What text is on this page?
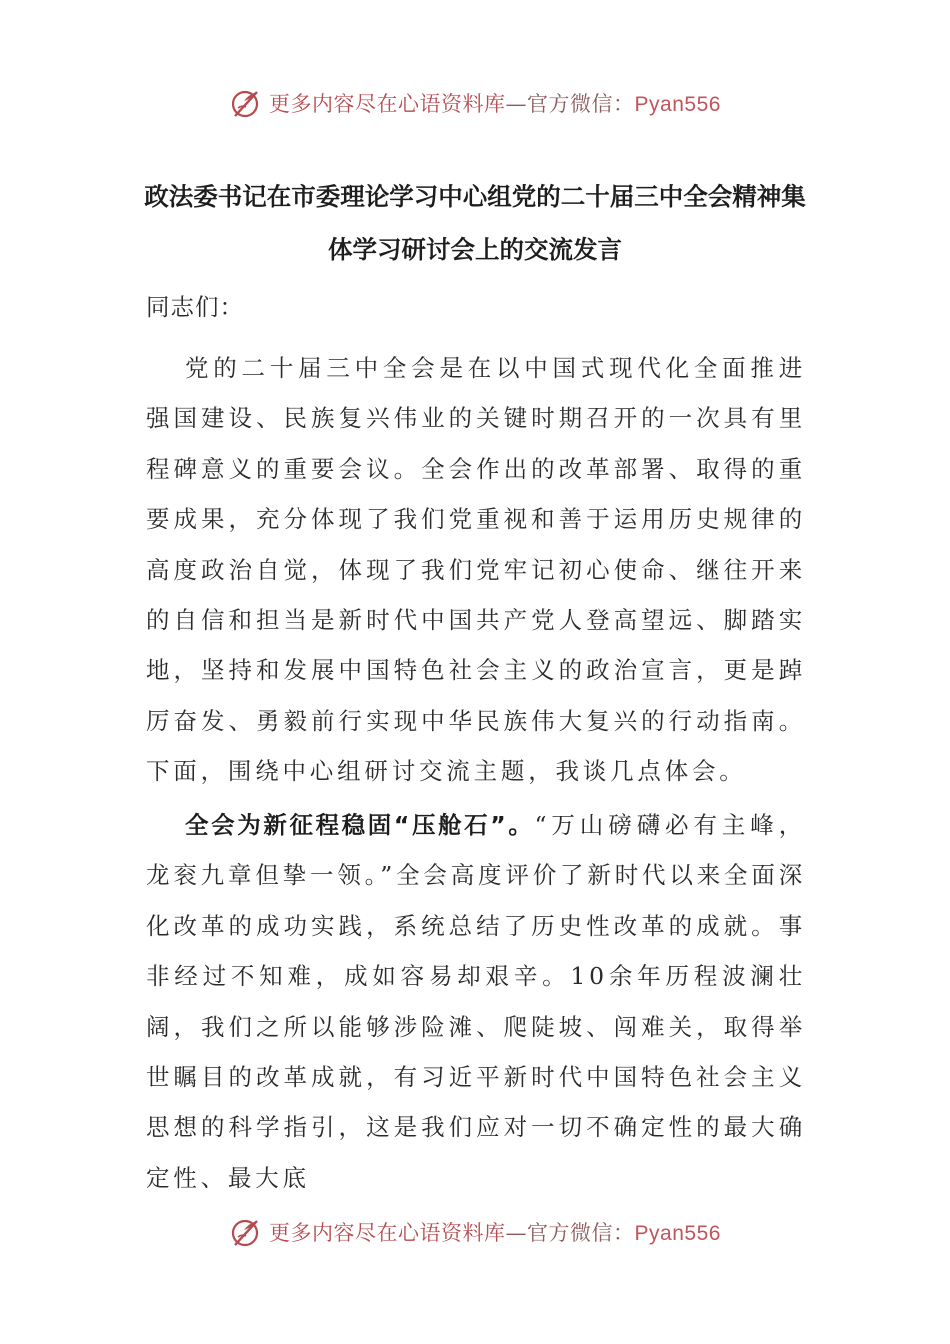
更多内容尽在心语资料库—官方微信：Pyan556
政法委书记在市委理论学习中心组党的二十届三中全会精神集体学习研讨会上的交流发言
同志们：

党的二十届三中全会是在以中国式现代化全面推进强国建设、民族复兴伟业的关键时期召开的一次具有里程碑意义的重要会议。全会作出的改革部署、取得的重要成果，充分体现了我们党重视和善于运用历史规律的高度政治自觉，体现了我们党牢记初心使命、继往开来的自信和担当是新时代中国共产党人登高望远、脚踏实地，坚持和发展中国特色社会主义的政治宣言，更是踔厉奋发、勇毅前行实现中华民族伟大复兴的行动指南。下面，围绕中心组研讨交流主题，我谈几点体会。

全会为新征程稳固“压舱石”。“万山磅礴必有主峰，龙衮九章但挚一领。”全会高度评价了新时代以来全面深化改革的成功实践，系统总结了历史性改革的成就。事非经过不知难，成如容易却艰辛。10余年历程波澜壮阔，我们之所以能够涉险滩、爬陡坡、闯难关，取得举世瞩目的改革成就，有习近平新时代中国特色社会主义思想的科学指引，这是我们应对一切不确定性的最大确定性、最大底

更多内容尽在心语资料库—官方微信：Pyan556
